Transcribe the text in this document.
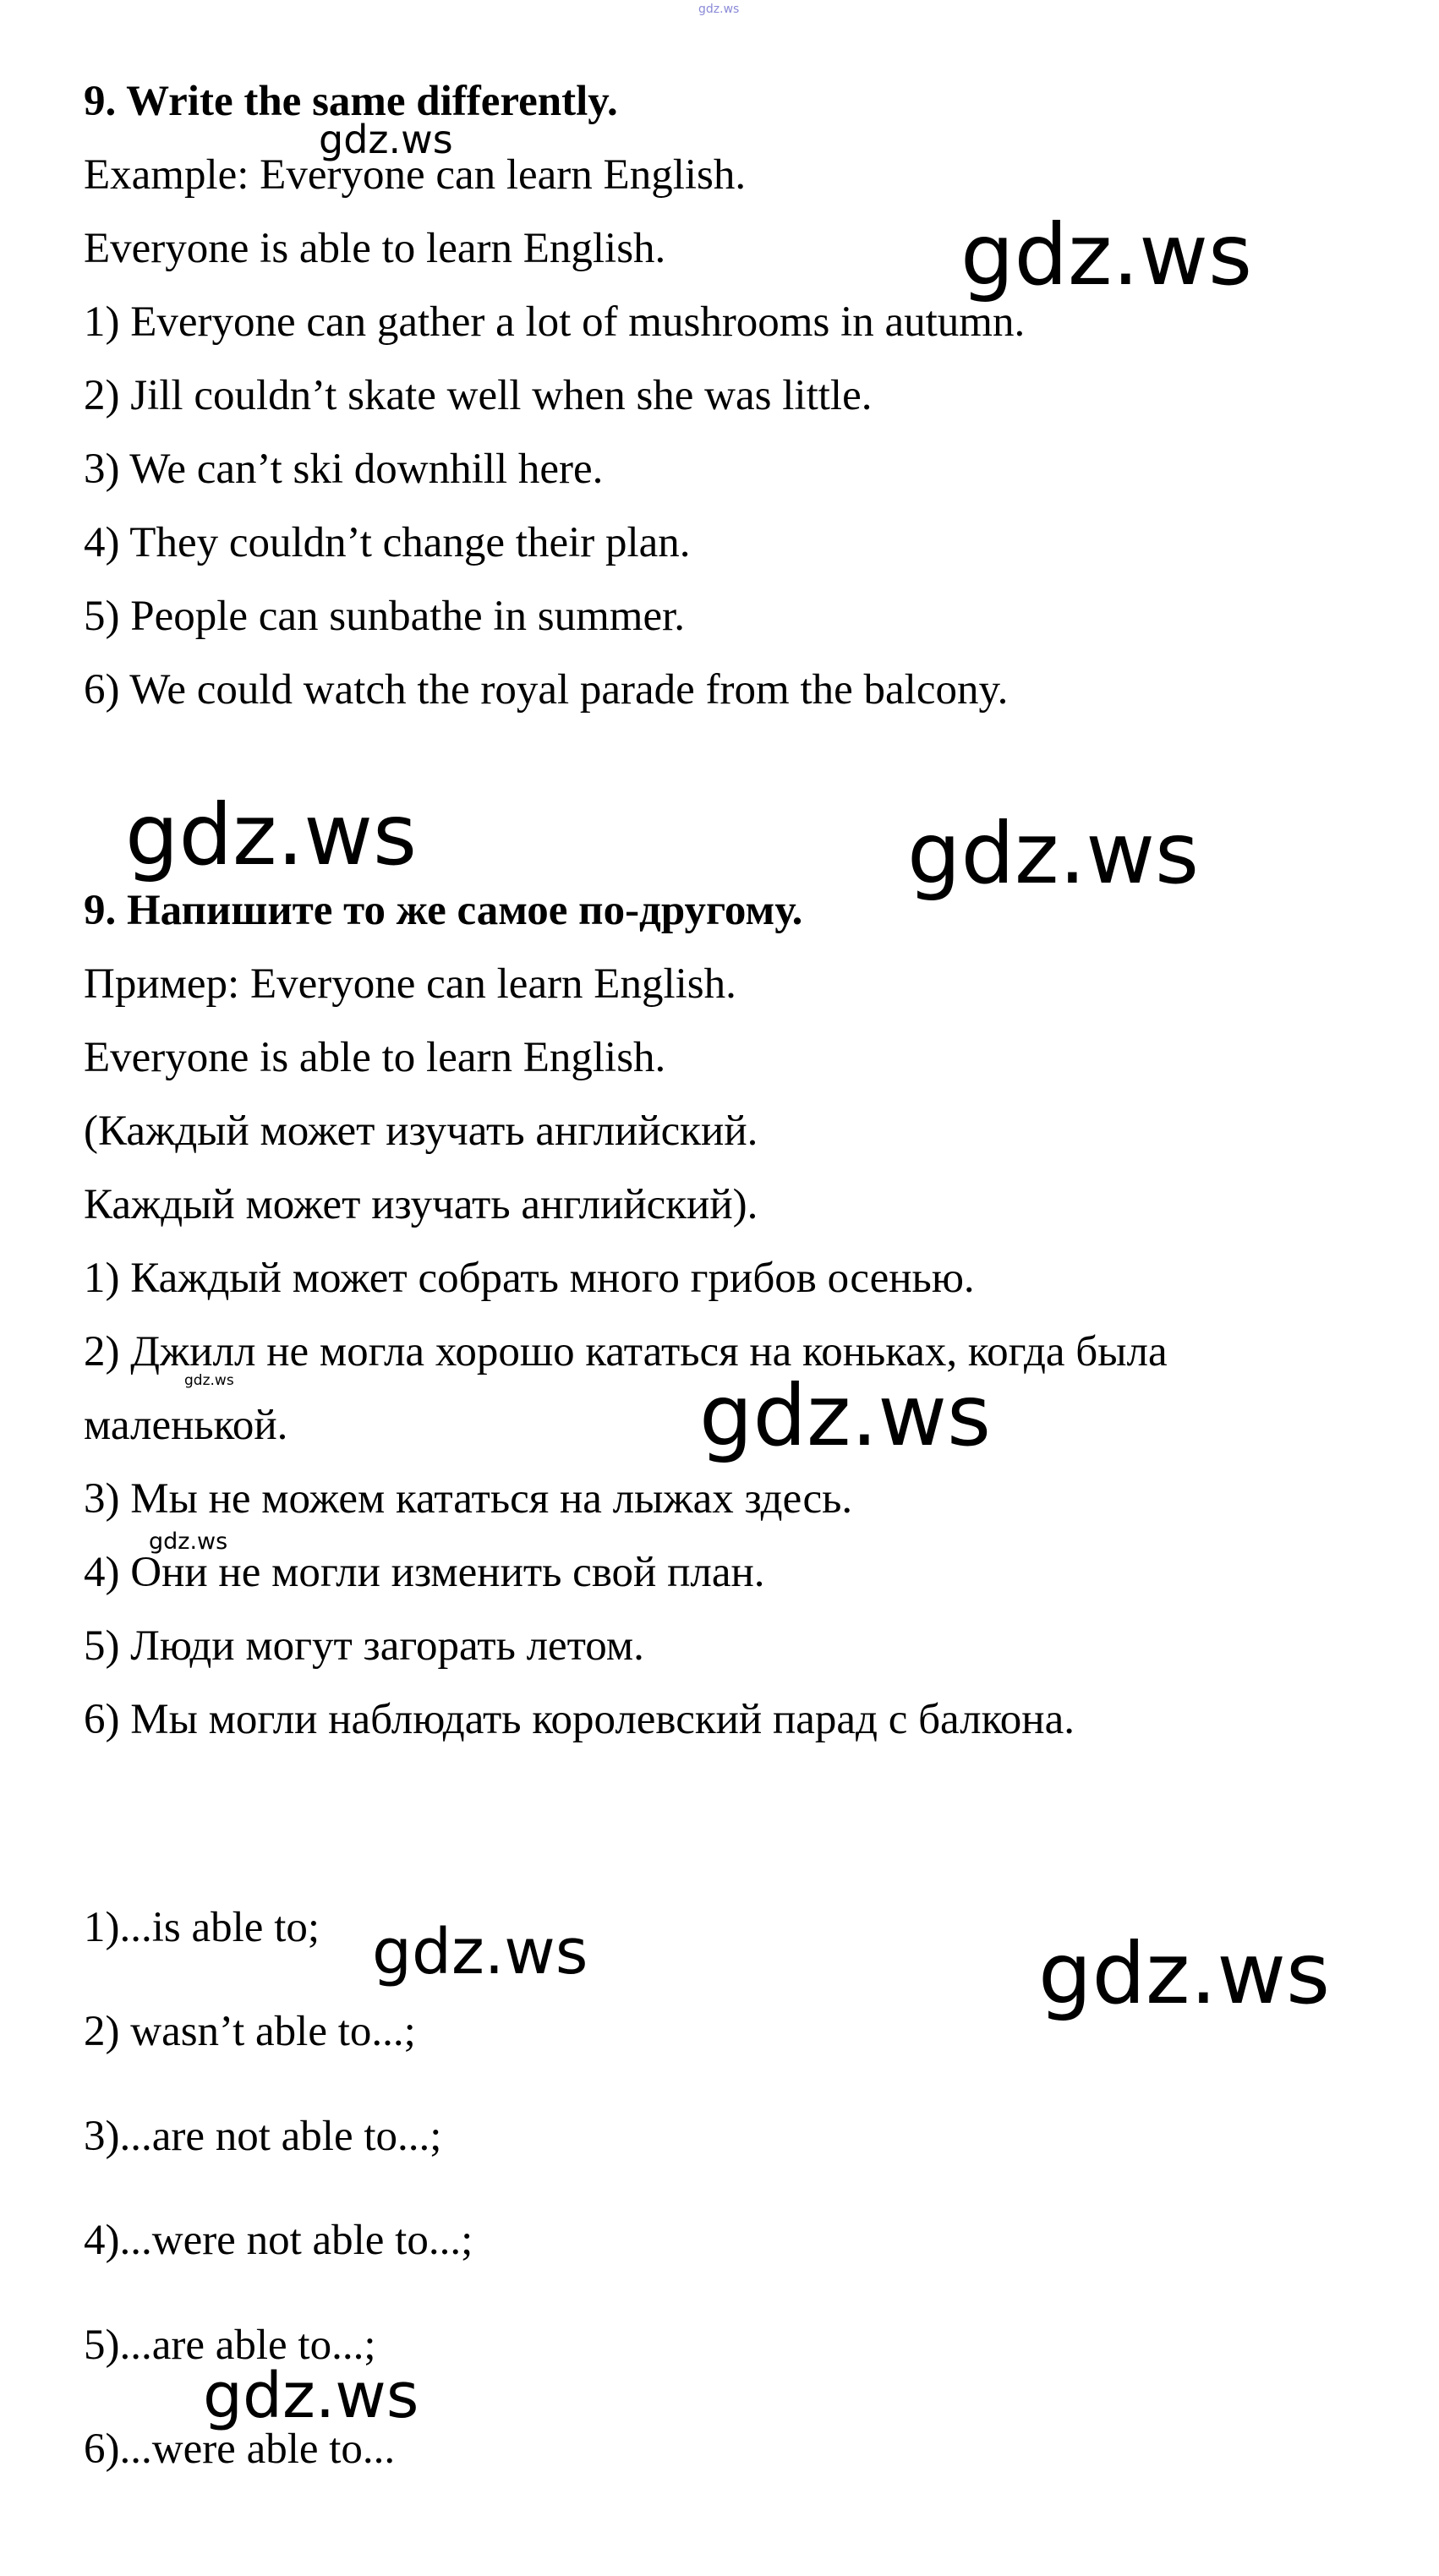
gdz.ws
9. Write the same differently.
Example: Everyone can learn English.
Everyone is able to learn English.
1) Everyone can gather a lot of mushrooms in autumn.
2) Jill couldn’t skate well when she was little.
3) We can’t ski downhill here.
4) They couldn’t change their plan.
5) People can sunbathe in summer.
6) We could watch the royal parade from the balcony.
9. Напишите то же самое по-другому.
Пример: Everyone can learn English.
Everyone is able to learn English.
(Каждый может изучать английский.
Каждый может изучать английский).
1) Каждый может собрать много грибов осенью.
2) Джилл не могла хорошо кататься на коньках, когда была
маленькой.
3) Мы не можем кататься на лыжах здесь.
4) Они не могли изменить свой план.
5) Люди могут загорать летом.
6) Мы могли наблюдать королевский парад с балкона.
1)...is able to;
2) wasn’t able to...;
3)...are not able to...;
4)...were not able to...;
5)...are able to...;
6)...were able to...
gdz.ws
gdz.ws
gdz.ws	gdz.ws
gdz.ws	gdz.ws
gdz.ws
gdz.ws	gdz.ws
gdz.ws
